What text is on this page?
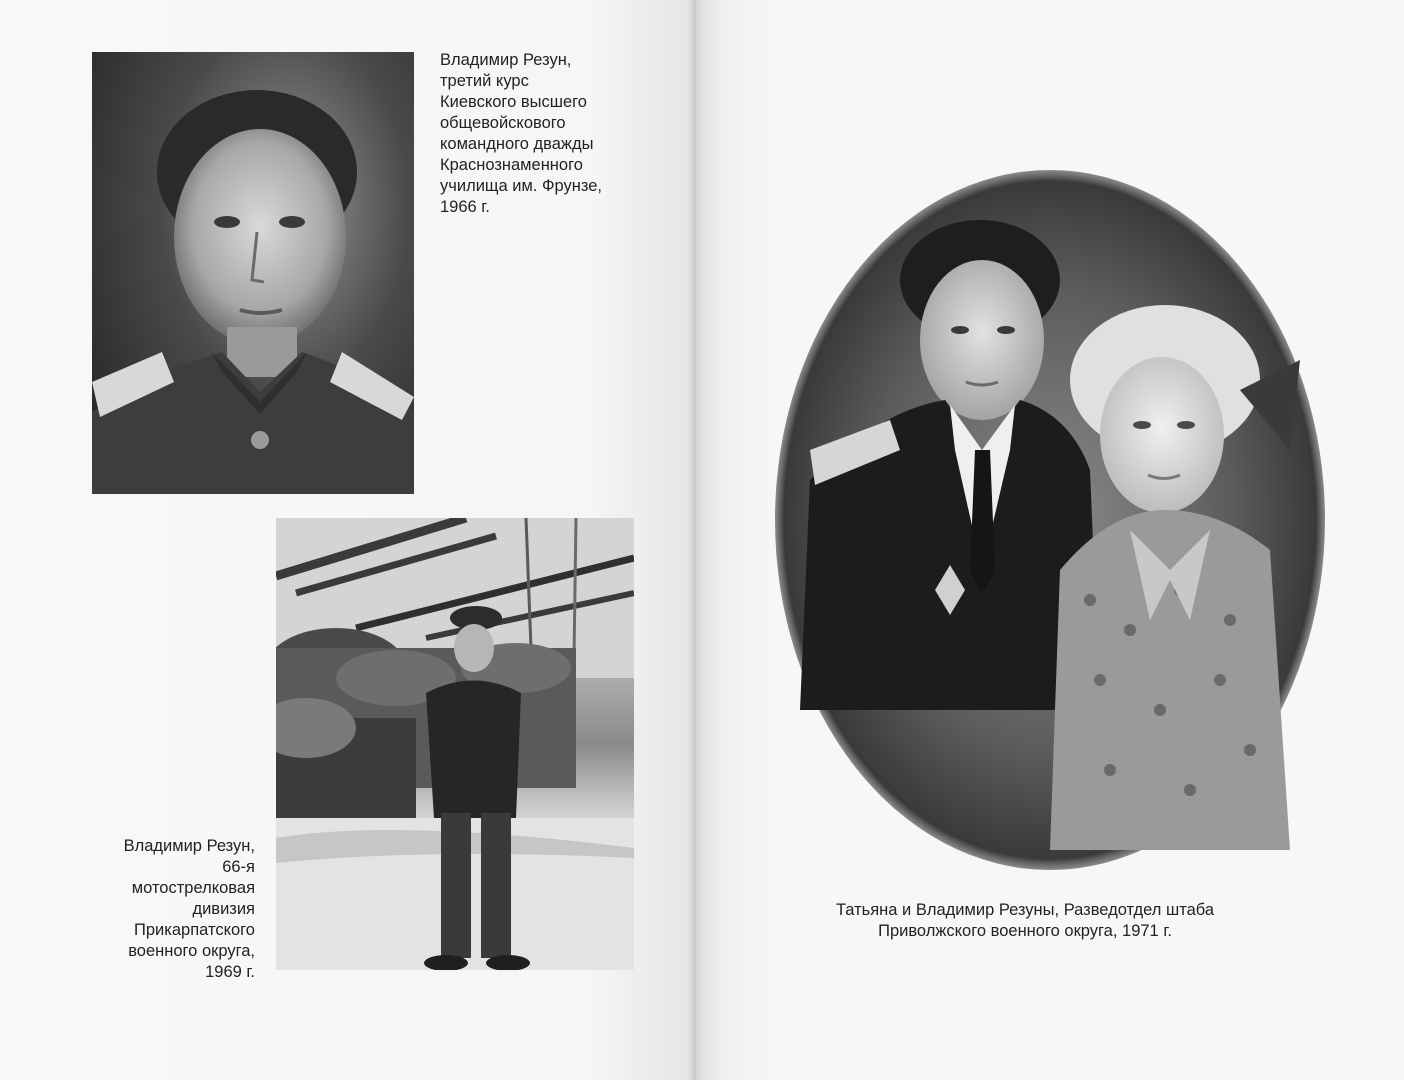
Владимир Резун,
третий курс
Киевского высшего
общевойскового
командного дважды
Краснознаменного
училища им. Фрунзе,
1966 г.
Владимир Резун,
66-я
мотострелковая
дивизия
Прикарпатского
военного округа,
1969 г.
Татьяна и Владимир Резуны, Разведотдел штаба
Приволжского военного округа, 1971 г.
